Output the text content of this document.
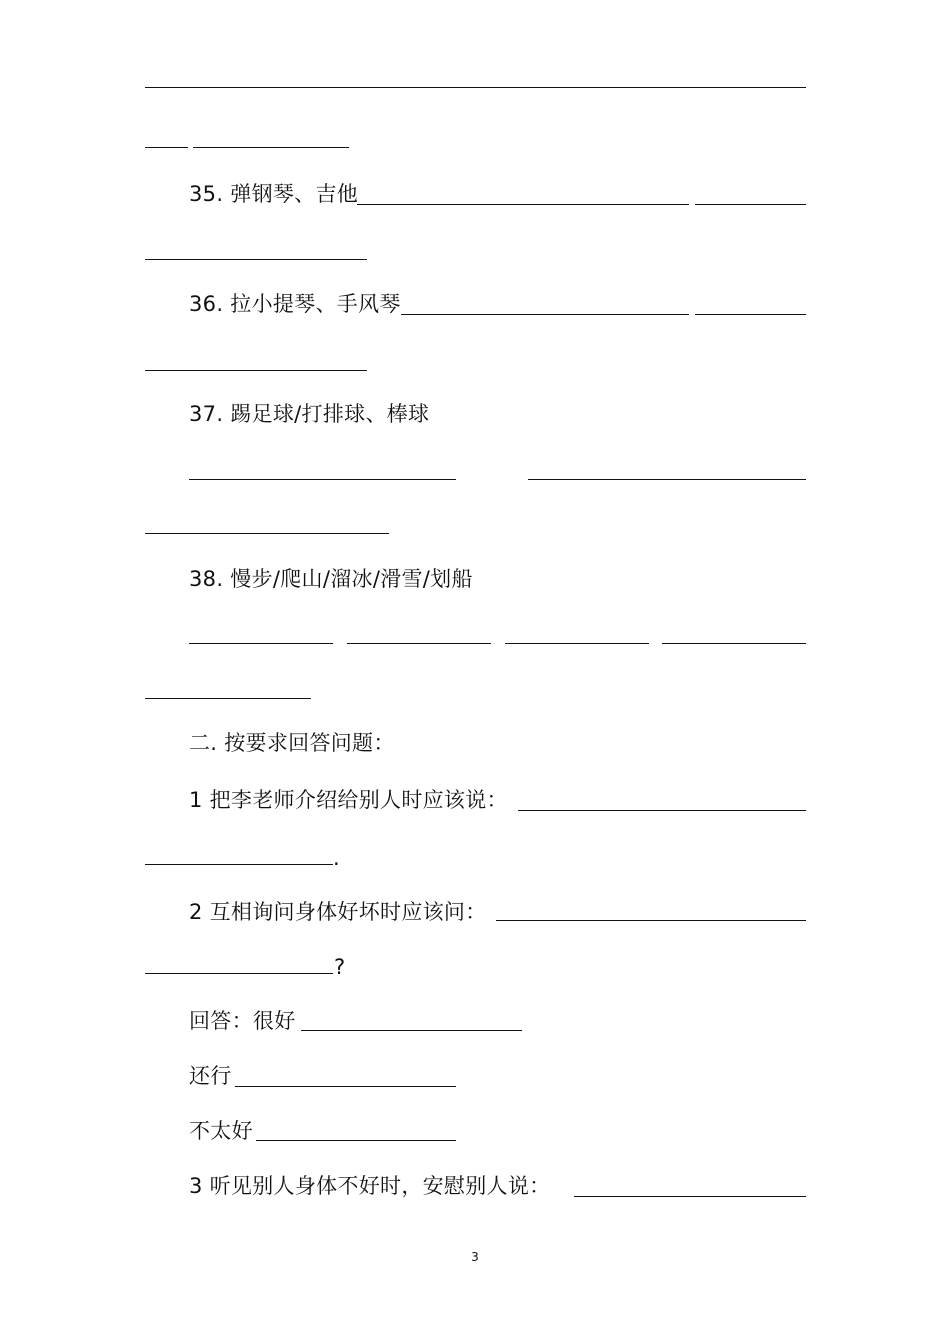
35. 弹钢琴、吉他
36. 拉小提琴、手风琴
37. 踢足球/打排球、棒球
38. 慢步/爬山/溜冰/滑雪/划船
二. 按要求回答问题：
1 把李老师介绍给别人时应该说：
.
2 互相询问身体好坏时应该问：
?
回答：很好
还行
不太好
3 听见别人身体不好时，安慰别人说：
3
